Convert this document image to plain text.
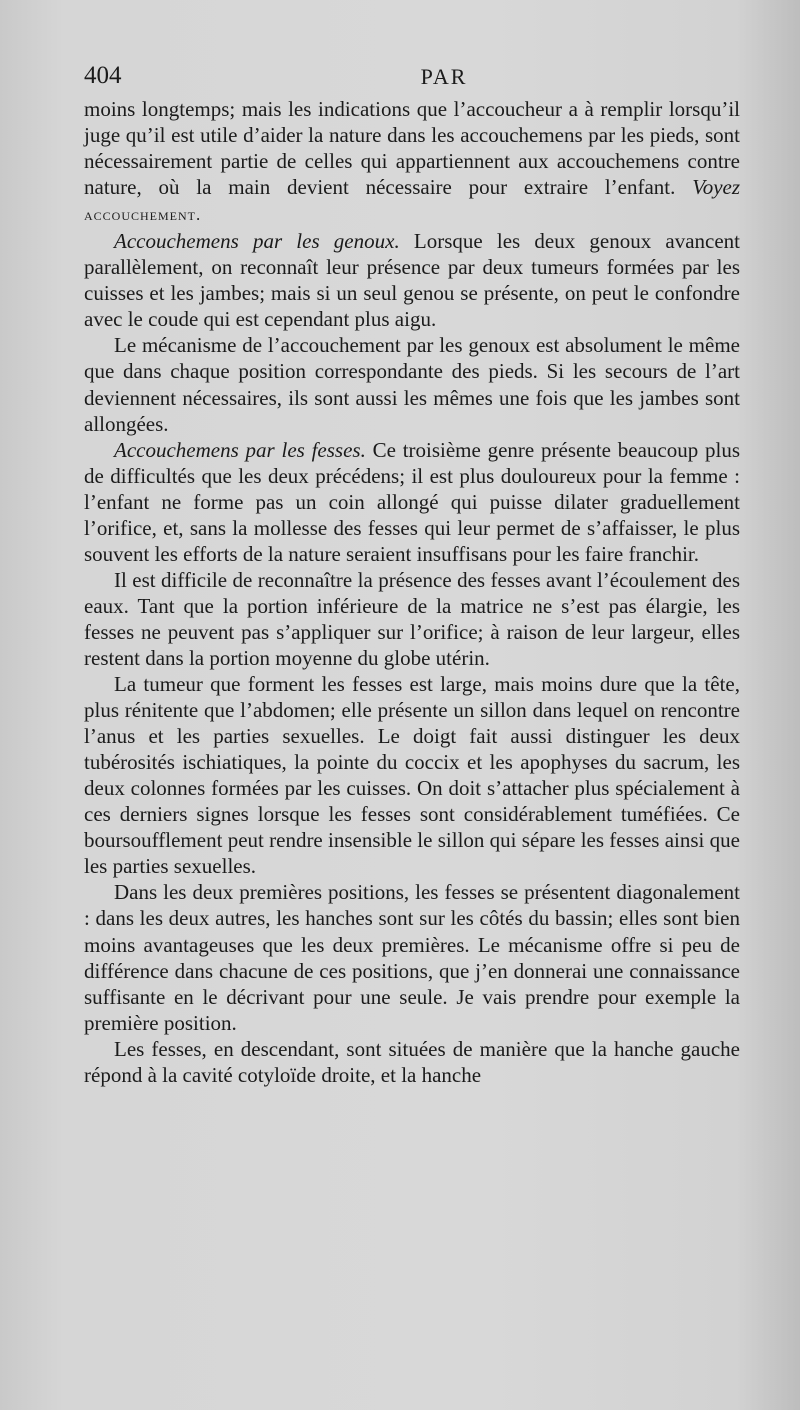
404	PAR

moins longtemps; mais les indications que l’accoucheur a à remplir lorsqu’il juge qu’il est utile d’aider la nature dans les accouchemens par les pieds, sont nécessairement partie de celles qui appartiennent aux accouchemens contre nature, où la main devient nécessaire pour extraire l’enfant. Voyez accouchement.

Accouchemens par les genoux. Lorsque les deux genoux avancent parallèlement, on reconnaît leur présence par deux tumeurs formées par les cuisses et les jambes; mais si un seul genou se présente, on peut le confondre avec le coude qui est cependant plus aigu.

Le mécanisme de l’accouchement par les genoux est absolument le même que dans chaque position correspondante des pieds. Si les secours de l’art deviennent nécessaires, ils sont aussi les mêmes une fois que les jambes sont allongées.

Accouchemens par les fesses. Ce troisième genre présente beaucoup plus de difficultés que les deux précédens; il est plus douloureux pour la femme : l’enfant ne forme pas un coin allongé qui puisse dilater graduellement l’orifice, et, sans la mollesse des fesses qui leur permet de s’affaisser, le plus souvent les efforts de la nature seraient insuffisans pour les faire franchir.

Il est difficile de reconnaître la présence des fesses avant l’écoulement des eaux. Tant que la portion inférieure de la matrice ne s’est pas élargie, les fesses ne peuvent pas s’appliquer sur l’orifice; à raison de leur largeur, elles restent dans la portion moyenne du globe utérin.

La tumeur que forment les fesses est large, mais moins dure que la tête, plus rénitente que l’abdomen; elle présente un sillon dans lequel on rencontre l’anus et les parties sexuelles. Le doigt fait aussi distinguer les deux tubérosités ischiatiques, la pointe du coccix et les apophyses du sacrum, les deux colonnes formées par les cuisses. On doit s’attacher plus spécialement à ces derniers signes lorsque les fesses sont considérablement tuméfiées. Ce boursoufflement peut rendre insensible le sillon qui sépare les fesses ainsi que les parties sexuelles.

Dans les deux premières positions, les fesses se présentent diagonalement : dans les deux autres, les hanches sont sur les côtés du bassin; elles sont bien moins avantageuses que les deux premières. Le mécanisme offre si peu de différence dans chacune de ces positions, que j’en donnerai une connaissance suffisante en le décrivant pour une seule. Je vais prendre pour exemple la première position.

Les fesses, en descendant, sont situées de manière que la hanche gauche répond à la cavité cotyloïde droite, et la hanche
